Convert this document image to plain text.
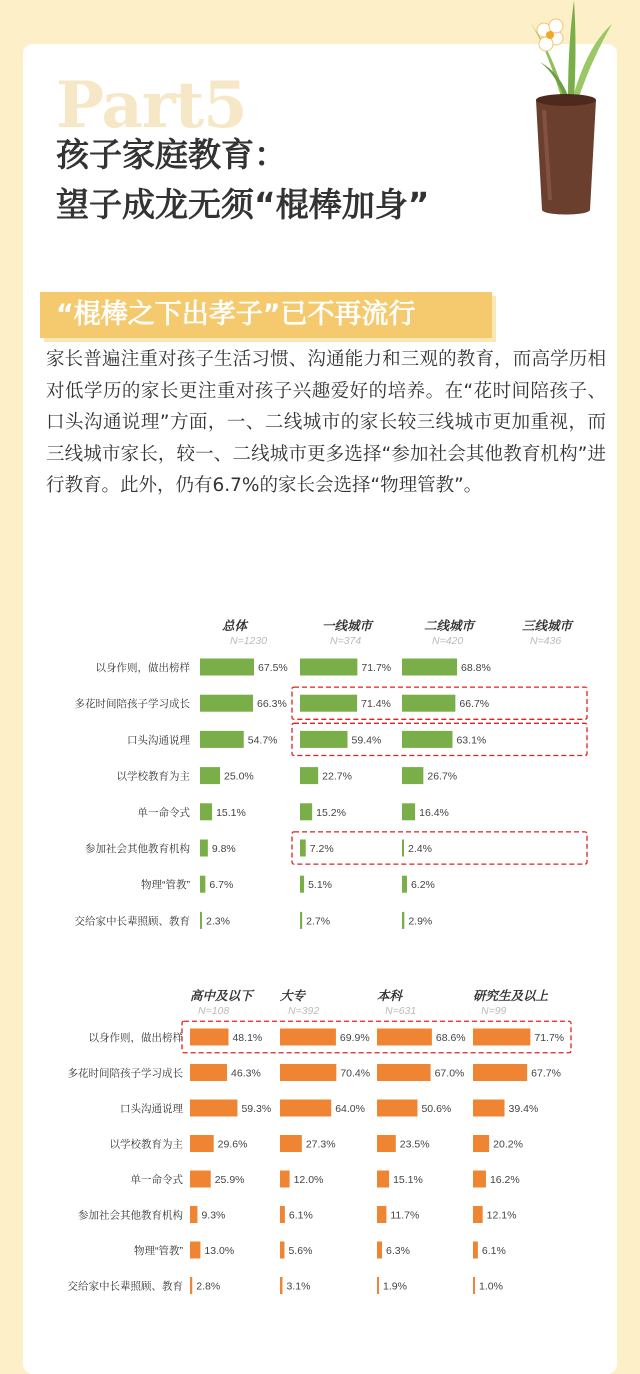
Part5
孩子家庭教育：
望子成龙无须“棍棒加身”
“棍棒之下出孝子”已不再流行
家长普遍注重对孩子生活习惯、沟通能力和三观的教育，而高学历相对低学历的家长更注重对孩子兴趣爱好的培养。在“花时间陪孩子、口头沟通说理”方面，一、二线城市的家长较三线城市更加重视，而三线城市家长，较一、二线城市更多选择“参加社会其他教育机构”进行教育。此外，仍有6.7%的家长会选择“物理管教”。
总体
N=1230
一线城市
N=374
二线城市
N=420
三线城市
N=436
以身作则，做出榜样	67.5%	71.7%	68.8%
多花时间陪孩子学习成长	66.3%	71.4%	66.7%
口头沟通说理	54.7%	59.4%	63.1%
以学校教育为主	25.0%	22.7%	26.7%
单一命令式 15.1%	15.2%	16.4%
参加社会其他教育机构 9.8%	7.2%	2.4%
物理“管教” 6.7%	5.1%	6.2%
交给家中长辈照顾、教育 2.3%	2.7%	2.9%
高中及以下
N=108
大专
N=392
本科
N=631
研究生及以上
N=99
以身作则，做出榜样	48.1%	69.9%	68.6%	71.7%
多花时间陪孩子学习成长	46.3%	70.4%	67.0%	67.7%
口头沟通说理	59.3%	64.0%	50.6%	39.4%
以学校教育为主	29.6%	27.3%	23.5%	20.2%
单一命令式	25.9%	12.0%	15.1%	16.2%
参加社会其他教育机构 9.3%	6.1%	11.7%	12.1%
物理“管教” 13.0%	5.6%	6.3%	6.1%
交给家中长辈照顾、教育 2.8%	3.1%	1.9%	1.0%
